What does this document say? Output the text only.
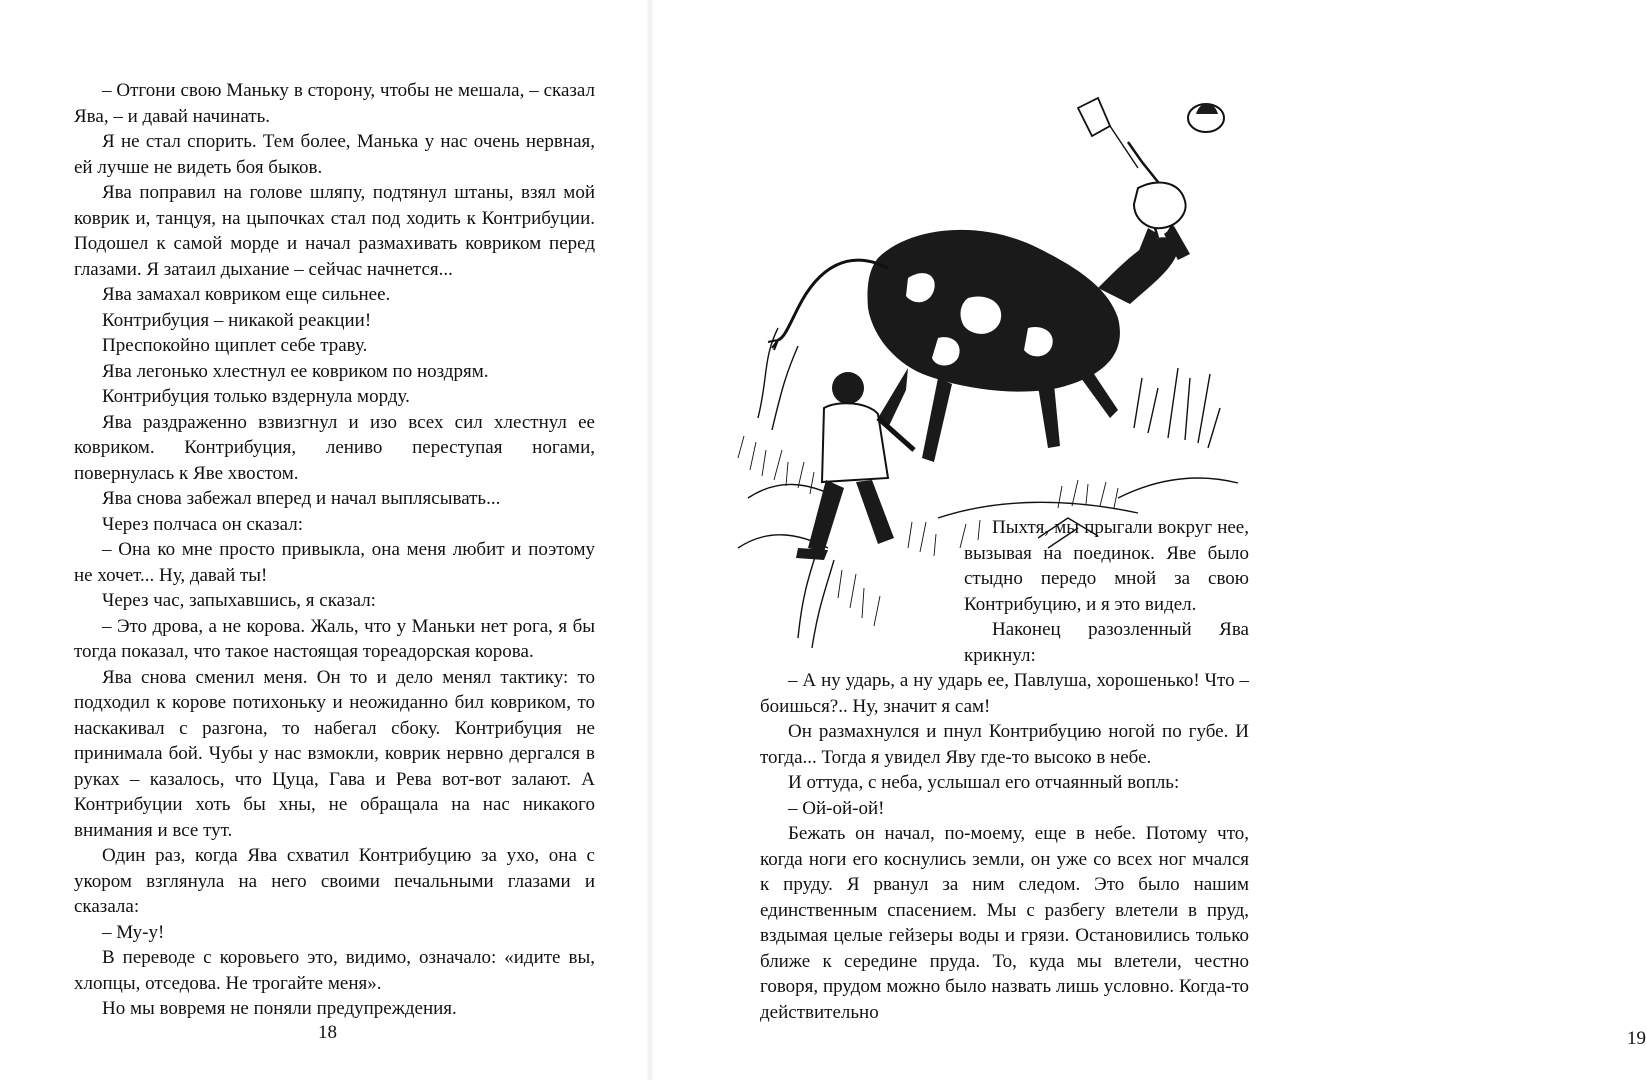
– Отгони свою Маньку в сторону, чтобы не мешала, – сказал Ява, – и давай начинать.

Я не стал спорить. Тем более, Манька у нас очень нервная, ей лучше не видеть боя быков.

Ява поправил на голове шляпу, подтянул штаны, взял мой коврик и, танцуя, на цыпочках стал под ходить к Контрибуции. Подошел к самой морде и начал размахивать ковриком перед глазами. Я затаил дыхание – сейчас начнется...

Ява замахал ковриком еще сильнее.

Контрибуция – никакой реакции!

Преспокойно щиплет себе траву.

Ява легонько хлестнул ее ковриком по ноздрям.

Контрибуция только вздернула морду.

Ява раздраженно взвизгнул и изо всех сил хлестнул ее ковриком. Контрибуция, лениво переступая ногами, повернулась к Яве хвостом.

Ява снова забежал вперед и начал выплясывать...

Через полчаса он сказал:

– Она ко мне просто привыкла, она меня любит и поэтому не хочет... Ну, давай ты!

Через час, запыхавшись, я сказал:

– Это дрова, а не корова. Жаль, что у Маньки нет рога, я бы тогда показал, что такое настоящая тореадорская корова.

Ява снова сменил меня. Он то и дело менял тактику: то подходил к корове потихоньку и неожиданно бил ковриком, то наскакивал с разгона, то набегал сбоку. Контрибуция не принимала бой. Чубы у нас взмокли, коврик нервно дергался в руках – казалось, что Цуца, Гава и Рева вот-вот залают. А Контрибуции хоть бы хны, не обращала на нас никакого внимания и все тут.

Один раз, когда Ява схватил Контрибуцию за ухо, она с укором взглянула на него своими печальными глазами и сказала:

– Му-у!

В переводе с коровьего это, видимо, означало: «идите вы, хлопцы, отседова. Не трогайте меня».

Но мы вовремя не поняли предупреждения.

18	19

Пыхтя, мы прыгали вокруг нее, вызывая на поединок. Яве было стыдно передо мной за свою Контрибуцию, и я это видел.

Наконец разозленный Ява крикнул:

– А ну ударь, а ну ударь ее, Павлуша, хорошенько! Что – боишься?.. Ну, значит я сам!

Он размахнулся и пнул Контрибуцию ногой по губе. И тогда... Тогда я увидел Яву где-то высоко в небе.

И оттуда, с неба, услышал его отчаянный вопль:

– Ой-ой-ой!

Бежать он начал, по-моему, еще в небе. Потому что, когда ноги его коснулись земли, он уже со всех ног мчался к пруду. Я рванул за ним следом. Это было нашим единственным спасением. Мы с разбегу влетели в пруд, вздымая целые гейзеры воды и грязи. Остановились только ближе к середине пруда. То, куда мы влетели, честно говоря, прудом можно было назвать лишь условно. Когда-то действительно
